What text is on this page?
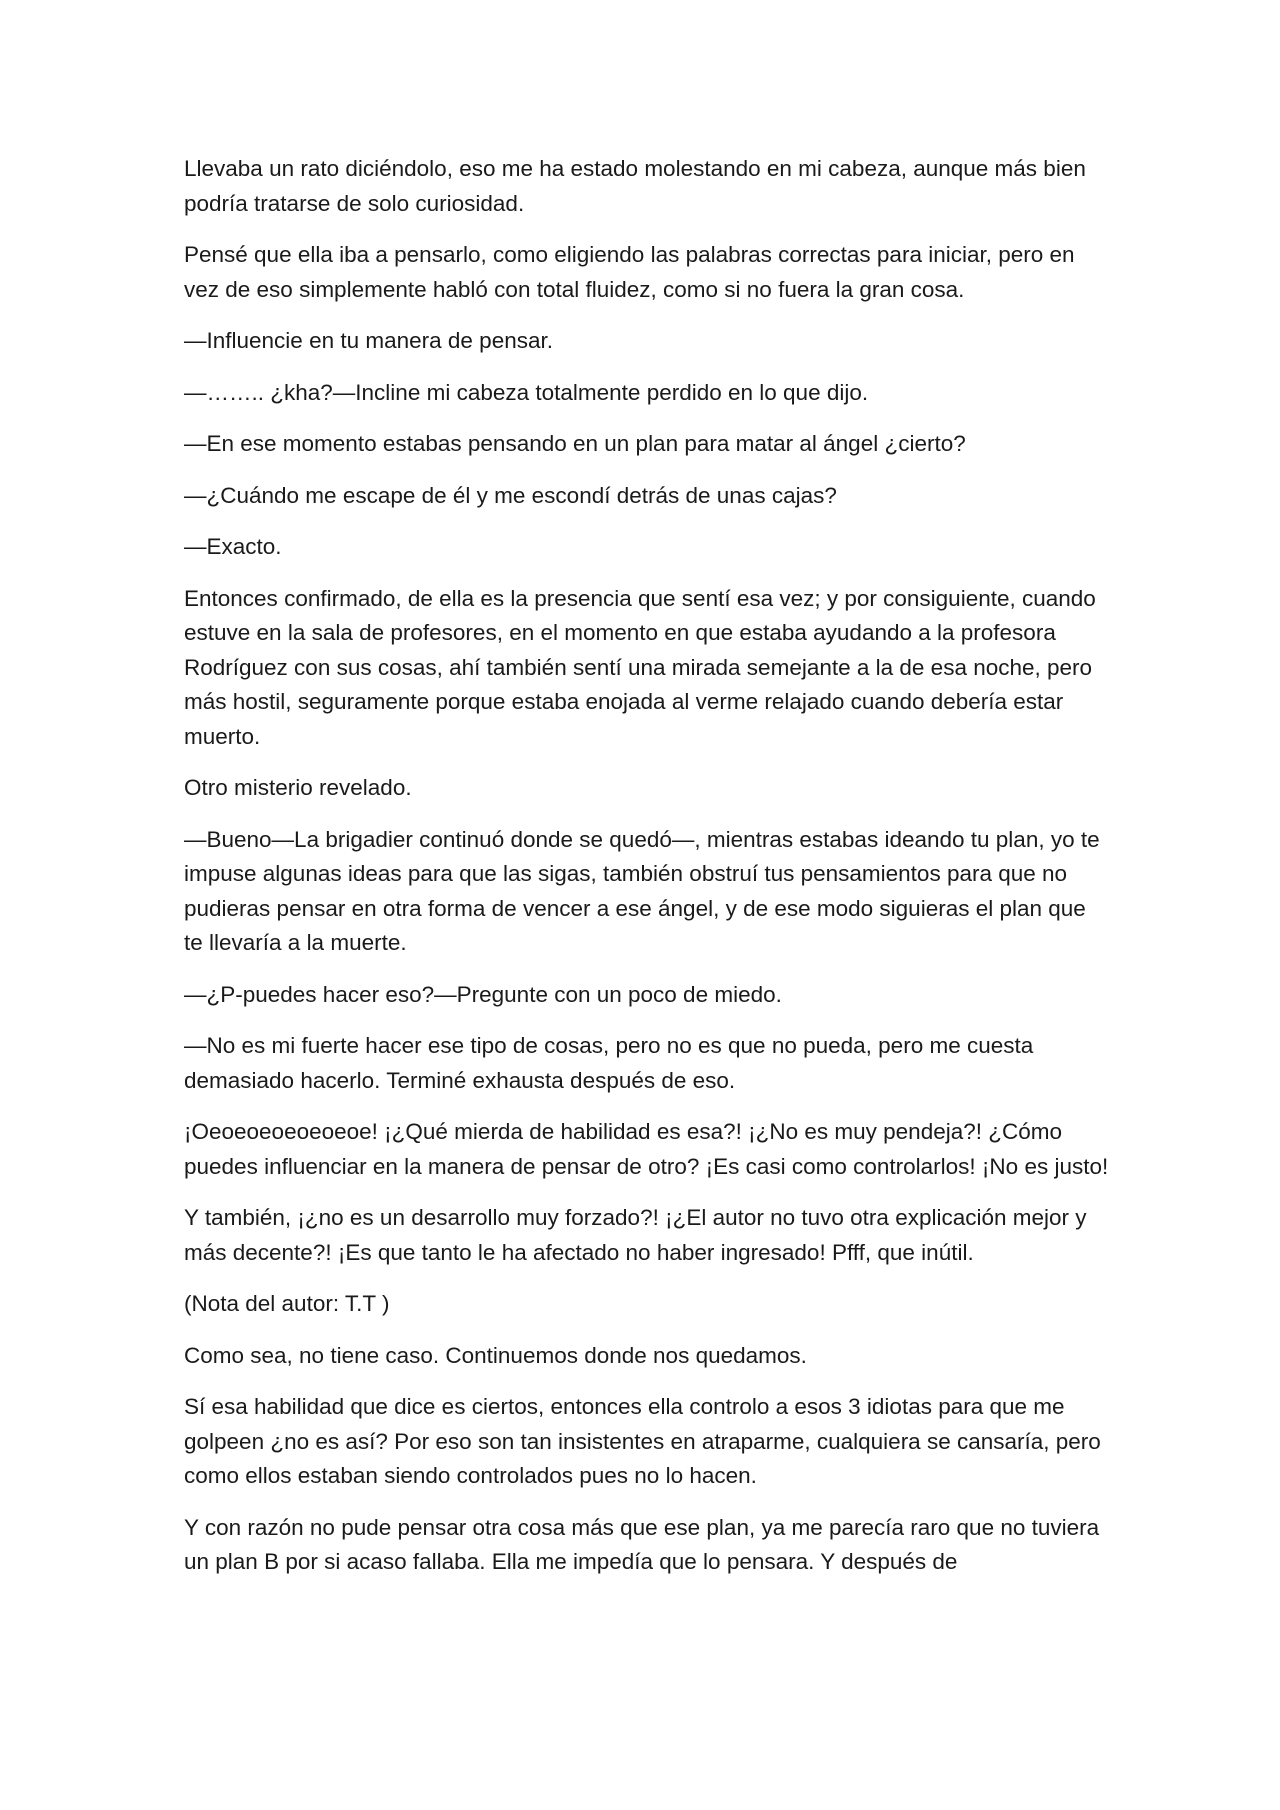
Llevaba un rato diciéndolo, eso me ha estado molestando en mi cabeza, aunque más bien podría tratarse de solo curiosidad.

Pensé que ella iba a pensarlo, como eligiendo las palabras correctas para iniciar, pero en vez de eso simplemente habló con total fluidez, como si no fuera la gran cosa.

—Influencie en tu manera de pensar.

—…….. ¿kha?—Incline mi cabeza totalmente perdido en lo que dijo.

—En ese momento estabas pensando en un plan para matar al ángel ¿cierto?

—¿Cuándo me escape de él y me escondí detrás de unas cajas?

—Exacto.

Entonces confirmado, de ella es la presencia que sentí esa vez; y por consiguiente, cuando estuve en la sala de profesores, en el momento en que estaba ayudando a la profesora Rodríguez con sus cosas, ahí también sentí una mirada semejante a la de esa noche, pero más hostil, seguramente porque estaba enojada al verme relajado cuando debería estar muerto.

Otro misterio revelado.

—Bueno—La brigadier continuó donde se quedó—, mientras estabas ideando tu plan, yo te impuse algunas ideas para que las sigas, también obstruí tus pensamientos para que no pudieras pensar en otra forma de vencer a ese ángel, y de ese modo siguieras el plan que te llevaría a la muerte.

—¿P-puedes hacer eso?—Pregunte con un poco de miedo.

—No es mi fuerte hacer ese tipo de cosas, pero no es que no pueda, pero me cuesta demasiado hacerlo. Terminé exhausta después de eso.

¡Oeoeoeoeoeoeoe! ¡¿Qué mierda de habilidad es esa?! ¡¿No es muy pendeja?! ¿Cómo puedes influenciar en la manera de pensar de otro? ¡Es casi como controlarlos! ¡No es justo!

Y también, ¡¿no es un desarrollo muy forzado?! ¡¿El autor no tuvo otra explicación mejor y más decente?! ¡Es que tanto le ha afectado no haber ingresado! Pfff, que inútil.

(Nota del autor: T.T )

Como sea, no tiene caso. Continuemos donde nos quedamos.

Sí esa habilidad que dice es ciertos, entonces ella controlo a esos 3 idiotas para que me golpeen ¿no es así? Por eso son tan insistentes en atraparme, cualquiera se cansaría, pero como ellos estaban siendo controlados pues no lo hacen.

Y con razón no pude pensar otra cosa más que ese plan, ya me parecía raro que no tuviera un plan B por si acaso fallaba. Ella me impedía que lo pensara. Y después de
